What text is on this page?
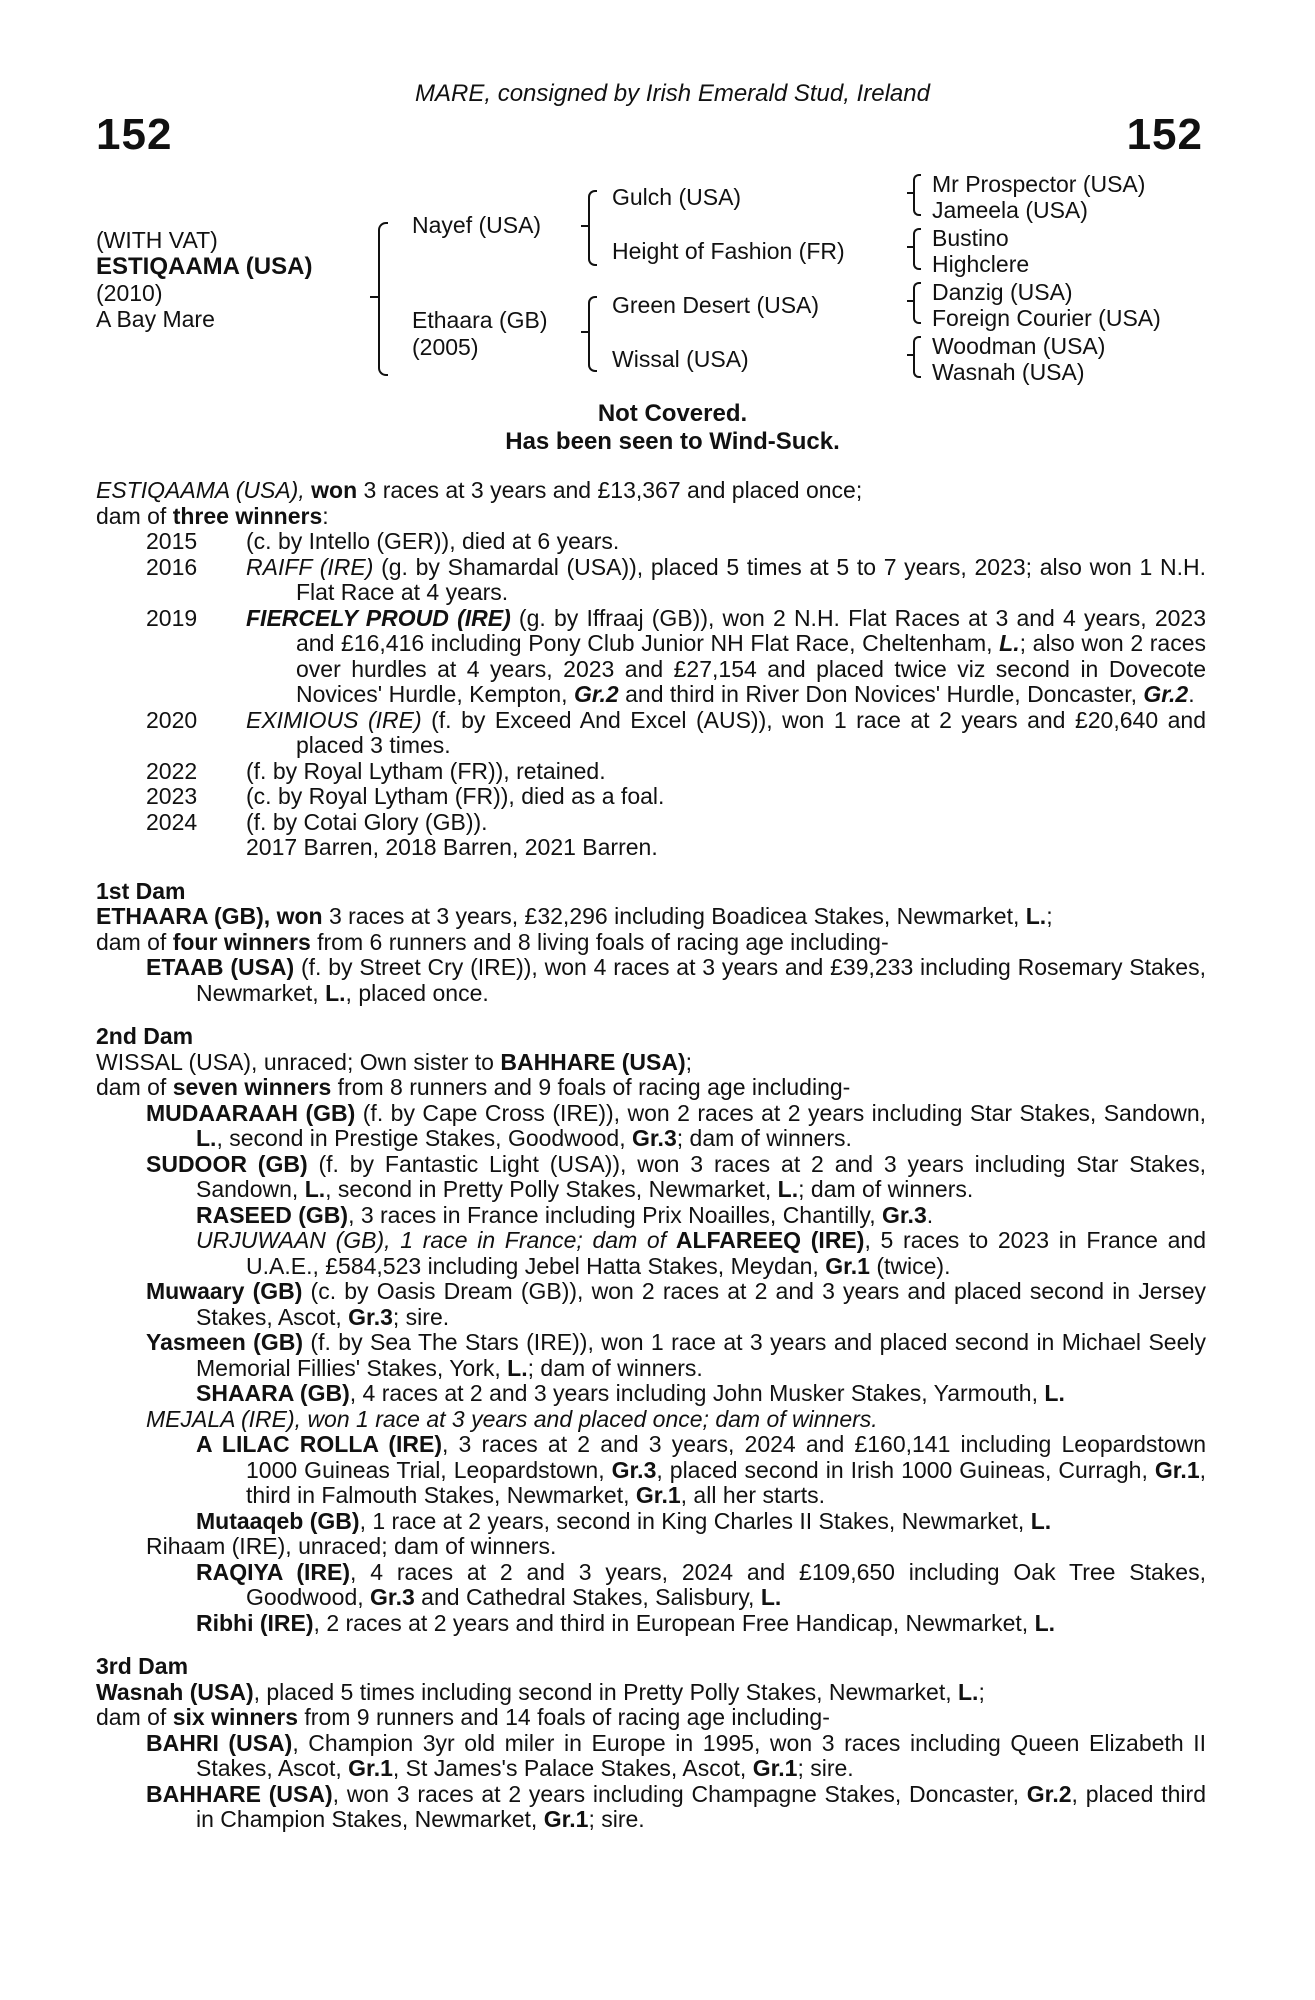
MARE, consigned by Irish Emerald Stud, Ireland
152	152
(WITH VAT)
ESTIQAAMA (USA)
(2010)
A Bay Mare
Nayef (USA)
Ethaara (GB)
(2005)
Gulch (USA)
Height of Fashion (FR)
Green Desert (USA)
Wissal (USA)
Mr Prospector (USA)
Jameela (USA)
Bustino
Highclere
Danzig (USA)
Foreign Courier (USA)
Woodman (USA)
Wasnah (USA)
Not Covered.
Has been seen to Wind-Suck.

ESTIQAAMA (USA), won 3 races at 3 years and £13,367 and placed once;

dam of three winners:

2015	(c. by Intello (GER)), died at 6 years.
2016	RAIFF (IRE) (g. by Shamardal (USA)), placed 5 times at 5 to 7 years, 2023; also won 1 N.H. Flat Race at 4 years.
2019	FIERCELY PROUD (IRE) (g. by Iffraaj (GB)), won 2 N.H. Flat Races at 3 and 4 years, 2023 and £16,416 including Pony Club Junior NH Flat Race, Cheltenham, L.; also won 2 races over hurdles at 4 years, 2023 and £27,154 and placed twice viz second in Dovecote Novices' Hurdle, Kempton, Gr.2 and third in River Don Novices' Hurdle, Doncaster, Gr.2.
2020	EXIMIOUS (IRE) (f. by Exceed And Excel (AUS)), won 1 race at 2 years and £20,640 and placed 3 times.
2022	(f. by Royal Lytham (FR)), retained.
2023	(c. by Royal Lytham (FR)), died as a foal.
2024	(f. by Cotai Glory (GB)).

2017 Barren, 2018 Barren, 2021 Barren.

1st Dam

ETHAARA (GB), won 3 races at 3 years, £32,296 including Boadicea Stakes, Newmarket, L.;

dam of four winners from 6 runners and 8 living foals of racing age including-

ETAAB (USA) (f. by Street Cry (IRE)), won 4 races at 3 years and £39,233 including Rosemary Stakes, Newmarket, L., placed once.

2nd Dam

WISSAL (USA), unraced; Own sister to BAHHARE (USA);

dam of seven winners from 8 runners and 9 foals of racing age including-

MUDAARAAH (GB) (f. by Cape Cross (IRE)), won 2 races at 2 years including Star Stakes, Sandown, L., second in Prestige Stakes, Goodwood, Gr.3; dam of winners.

SUDOOR (GB) (f. by Fantastic Light (USA)), won 3 races at 2 and 3 years including Star Stakes, Sandown, L., second in Pretty Polly Stakes, Newmarket, L.; dam of winners.

RASEED (GB), 3 races in France including Prix Noailles, Chantilly, Gr.3.

URJUWAAN (GB), 1 race in France; dam of ALFAREEQ (IRE), 5 races to 2023 in France and U.A.E., £584,523 including Jebel Hatta Stakes, Meydan, Gr.1 (twice).

Muwaary (GB) (c. by Oasis Dream (GB)), won 2 races at 2 and 3 years and placed second in Jersey Stakes, Ascot, Gr.3; sire.

Yasmeen (GB) (f. by Sea The Stars (IRE)), won 1 race at 3 years and placed second in Michael Seely Memorial Fillies' Stakes, York, L.; dam of winners.

SHAARA (GB), 4 races at 2 and 3 years including John Musker Stakes, Yarmouth, L.

MEJALA (IRE), won 1 race at 3 years and placed once; dam of winners.

A LILAC ROLLA (IRE), 3 races at 2 and 3 years, 2024 and £160,141 including Leopardstown 1000 Guineas Trial, Leopardstown, Gr.3, placed second in Irish 1000 Guineas, Curragh, Gr.1, third in Falmouth Stakes, Newmarket, Gr.1, all her starts.

Mutaaqeb (GB), 1 race at 2 years, second in King Charles II Stakes, Newmarket, L.

Rihaam (IRE), unraced; dam of winners.

RAQIYA (IRE), 4 races at 2 and 3 years, 2024 and £109,650 including Oak Tree Stakes, Goodwood, Gr.3 and Cathedral Stakes, Salisbury, L.

Ribhi (IRE), 2 races at 2 years and third in European Free Handicap, Newmarket, L.

3rd Dam

Wasnah (USA), placed 5 times including second in Pretty Polly Stakes, Newmarket, L.;

dam of six winners from 9 runners and 14 foals of racing age including-

BAHRI (USA), Champion 3yr old miler in Europe in 1995, won 3 races including Queen Elizabeth II Stakes, Ascot, Gr.1, St James's Palace Stakes, Ascot, Gr.1; sire.

BAHHARE (USA), won 3 races at 2 years including Champagne Stakes, Doncaster, Gr.2, placed third in Champion Stakes, Newmarket, Gr.1; sire.
